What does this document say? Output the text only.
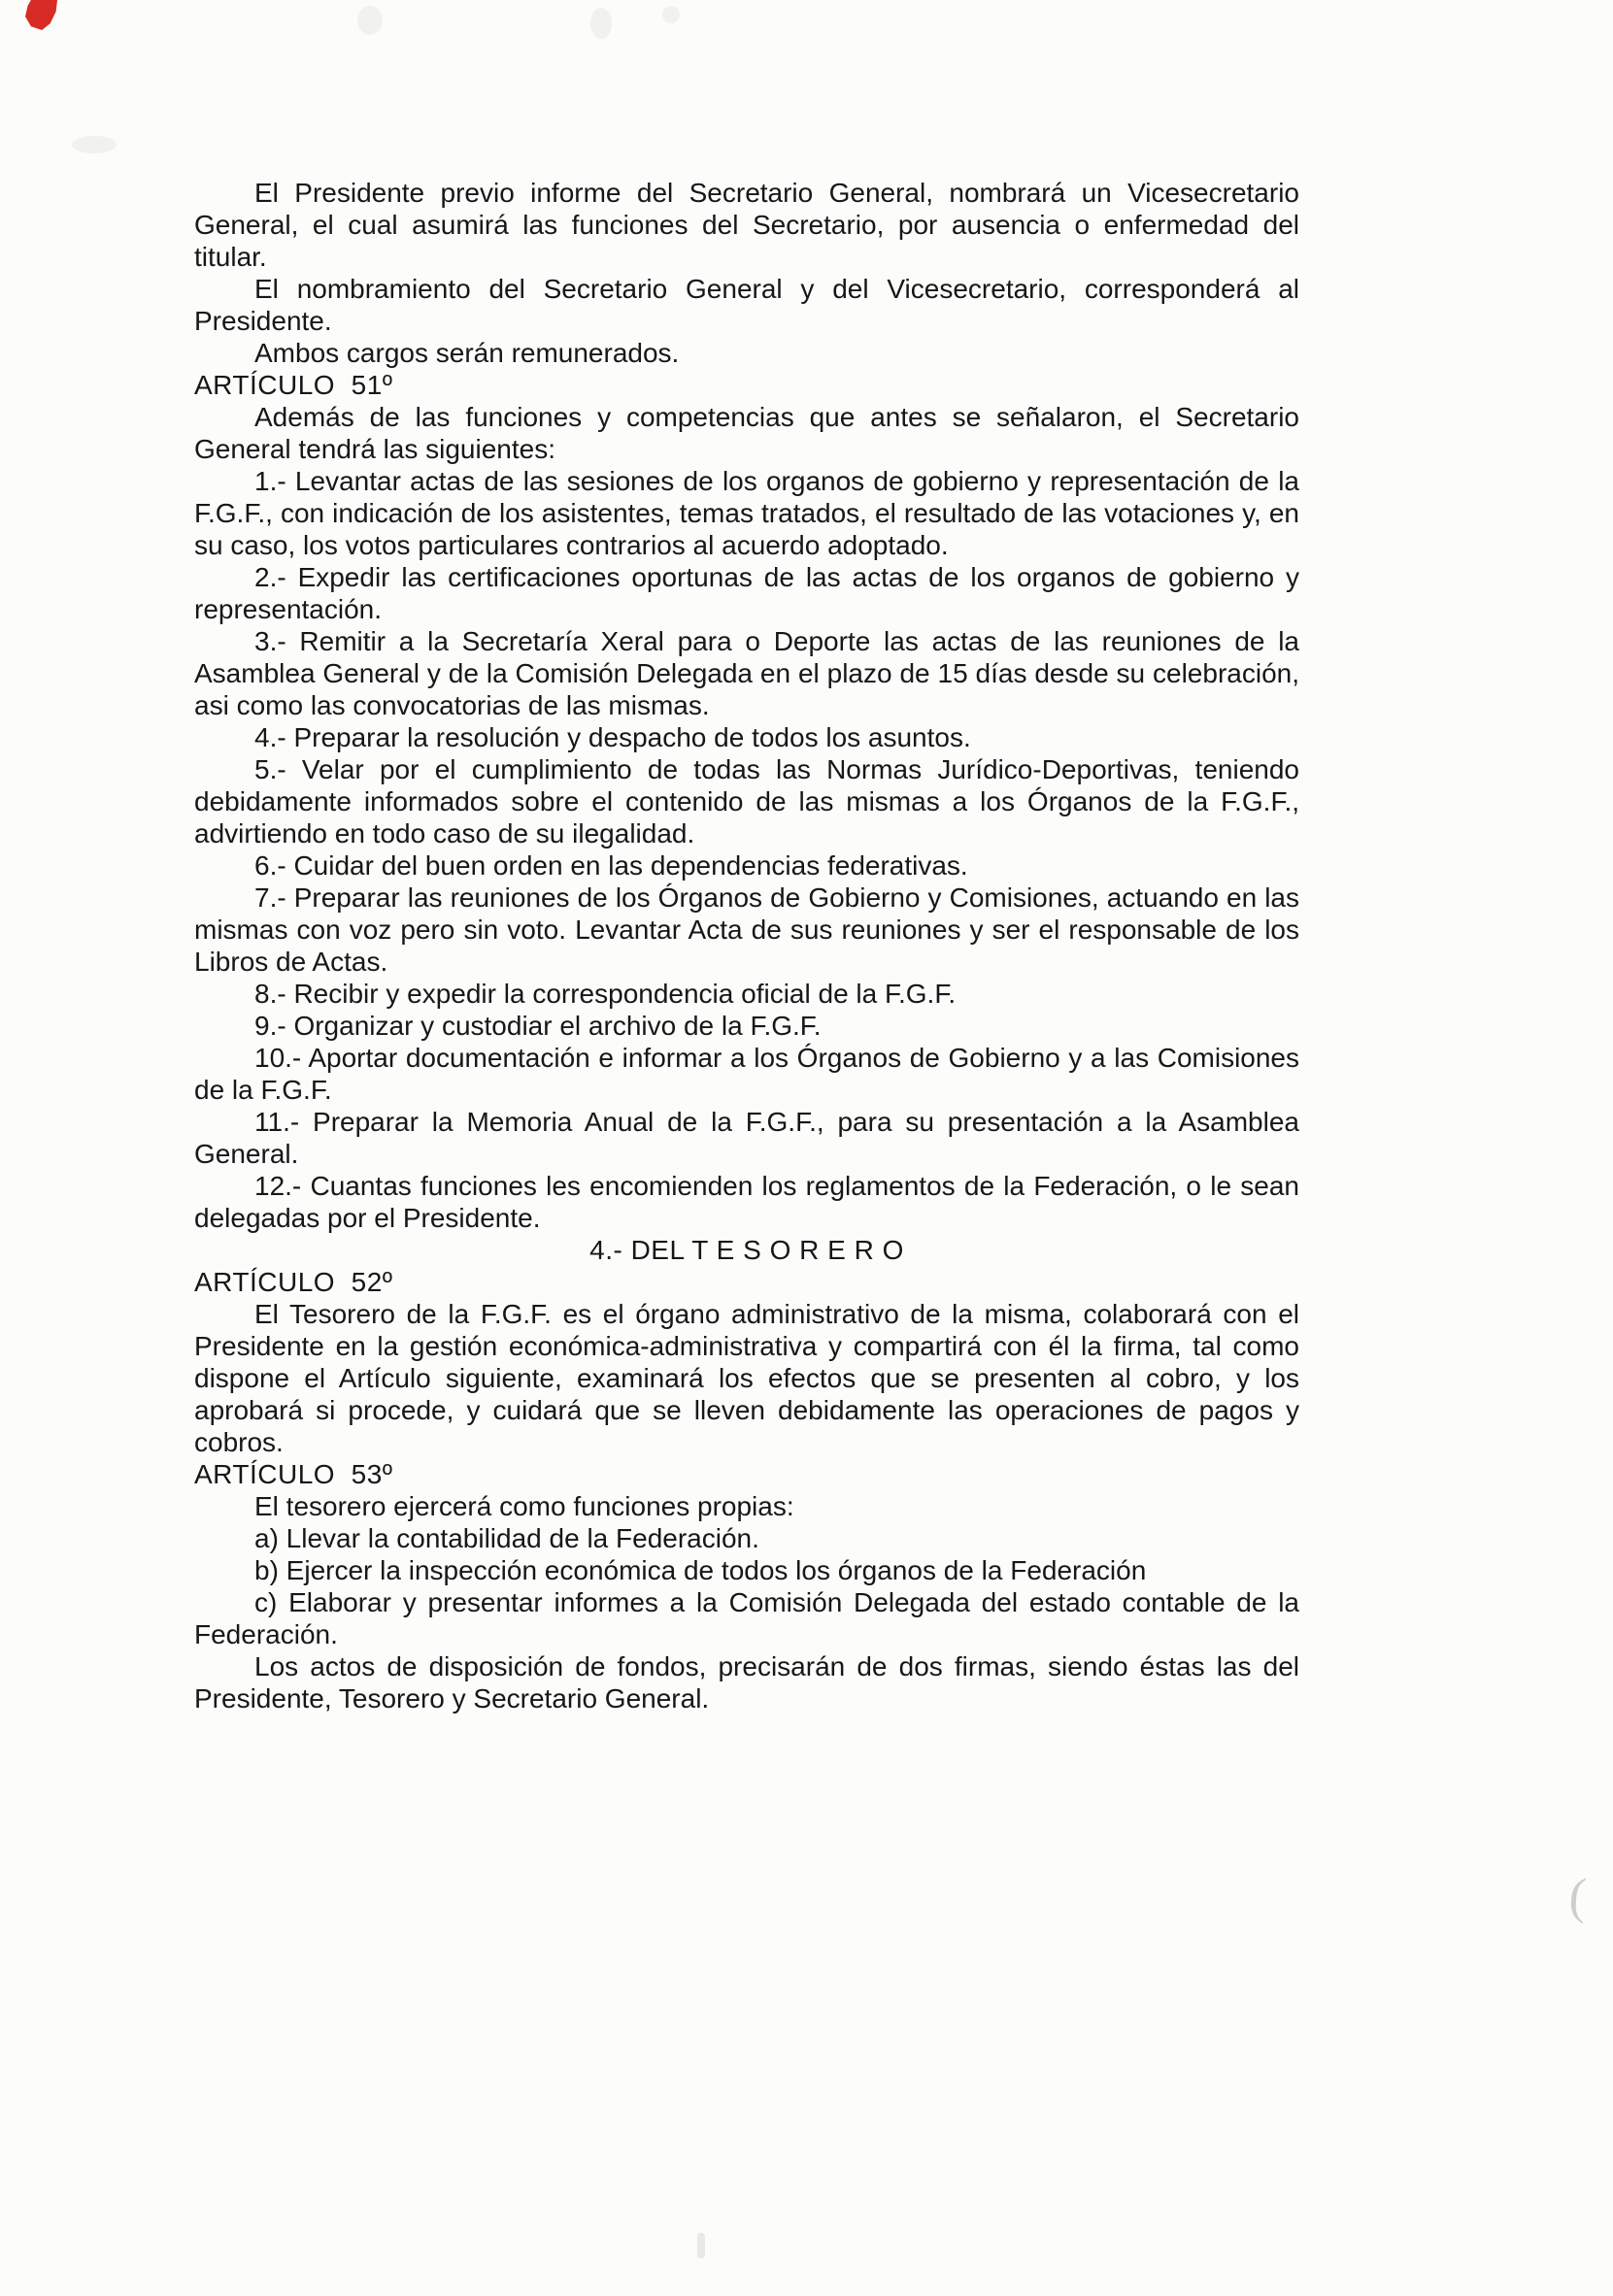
(

El Presidente previo informe del Secretario General, nombrará un Vicesecretario General, el cual asumirá las funciones del Secretario, por ausencia o enfermedad del titular.

El nombramiento del Secretario General y del Vicesecretario, corresponderá al Presidente.

Ambos cargos serán remunerados.

ARTÍCULO  51º

Además de las funciones y competencias que antes se señalaron, el Secretario General tendrá las siguientes:

1.- Levantar actas de las sesiones de los organos de gobierno y representación de la F.G.F., con indicación de los asistentes, temas tratados, el resultado de las votaciones y, en su caso, los votos particulares contrarios al acuerdo adoptado.

2.- Expedir las certificaciones oportunas de las actas de los organos de gobierno y representación.

3.- Remitir a la Secretaría Xeral para o Deporte las actas de las reuniones de la Asamblea General y de la Comisión Delegada en el plazo de 15 días desde su celebración, asi como las convocatorias de las mismas.

4.- Preparar la resolución y despacho de todos los asuntos.

5.- Velar por el cumplimiento de todas las Normas Jurídico-Deportivas, teniendo debidamente informados sobre el contenido de las mismas a los Órganos de la F.G.F., advirtiendo en todo caso de su ilegalidad.

6.- Cuidar del buen orden en las dependencias federativas.

7.- Preparar las reuniones de los Órganos de Gobierno y Comisiones, actuando en las mismas con voz pero sin voto. Levantar Acta de sus reuniones y ser el responsable de los Libros de Actas.

8.- Recibir y expedir la correspondencia oficial de la F.G.F.

9.- Organizar y custodiar el archivo de la F.G.F.

10.- Aportar documentación e informar a los Órganos de Gobierno y a las Comisiones de la F.G.F.

11.- Preparar la Memoria Anual de la F.G.F., para su presentación a la Asamblea General.

12.- Cuantas funciones les encomienden los reglamentos de la Federación, o le sean delegadas por el Presidente.

4.- DEL T E S O R E R O
ARTÍCULO  52º

El Tesorero de la F.G.F. es el órgano administrativo de la misma, colaborará con el Presidente en la gestión económica-administrativa y compartirá con él la firma, tal como dispone el Artículo siguiente, examinará los efectos que se presenten al cobro, y los aprobará si procede, y cuidará que se lleven debidamente las operaciones de pagos y cobros.

ARTÍCULO  53º

El tesorero ejercerá como funciones propias:

a) Llevar la contabilidad de la Federación.

b) Ejercer la inspección económica de todos los órganos de la Federación

c) Elaborar y presentar informes a la Comisión Delegada del estado contable de la Federación.

Los actos de disposición de fondos, precisarán de dos firmas, siendo éstas las del Presidente, Tesorero y Secretario General.
